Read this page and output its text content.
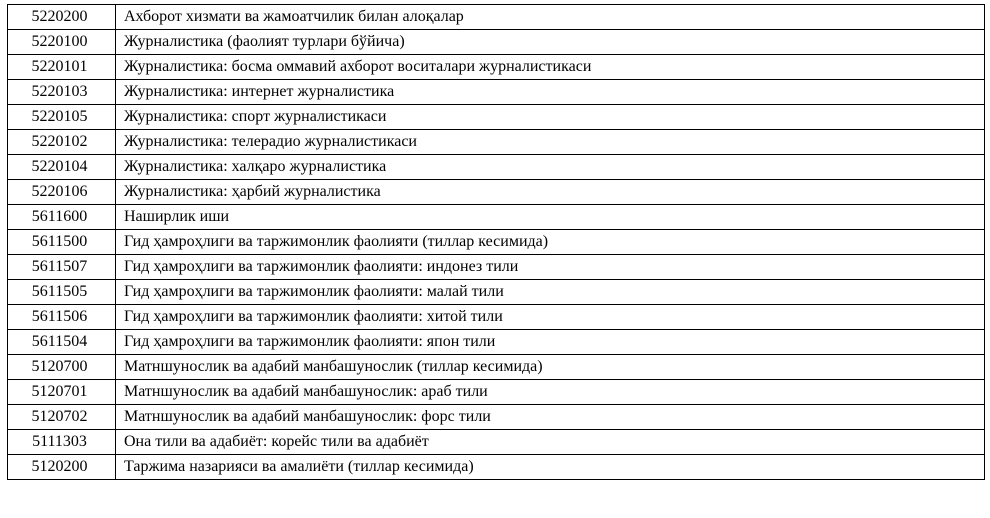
5220200	Ахборот хизмати ва жамоатчилик билан алоқалар
5220100	Журналистика (фаолият турлари бўйича)
5220101	Журналистика: босма оммавий ахборот воситалари журналистикаси
5220103	Журналистика: интернет журналистика
5220105	Журналистика: спорт журналистикаси
5220102	Журналистика: телерадио журналистикаси
5220104	Журналистика: халқаро журналистика
5220106	Журналистика: ҳарбий журналистика
5611600	Наширлик иши
5611500	Гид ҳамроҳлиги ва таржимонлик фаолияти (тиллар кесимида)
5611507	Гид ҳамроҳлиги ва таржимонлик фаолияти: индонез тили
5611505	Гид ҳамроҳлиги ва таржимонлик фаолияти: малай тили
5611506	Гид ҳамроҳлиги ва таржимонлик фаолияти: хитой тили
5611504	Гид ҳамроҳлиги ва таржимонлик фаолияти: япон тили
5120700	Матншунослик ва адабий манбашунослик (тиллар кесимида)
5120701	Матншунослик ва адабий манбашунослик: араб тили
5120702	Матншунослик ва адабий манбашунослик: форс тили
5111303	Она тили ва адабиёт: корейс тили ва адабиёт
5120200	Таржима назарияси ва амалиёти (тиллар кесимида)
